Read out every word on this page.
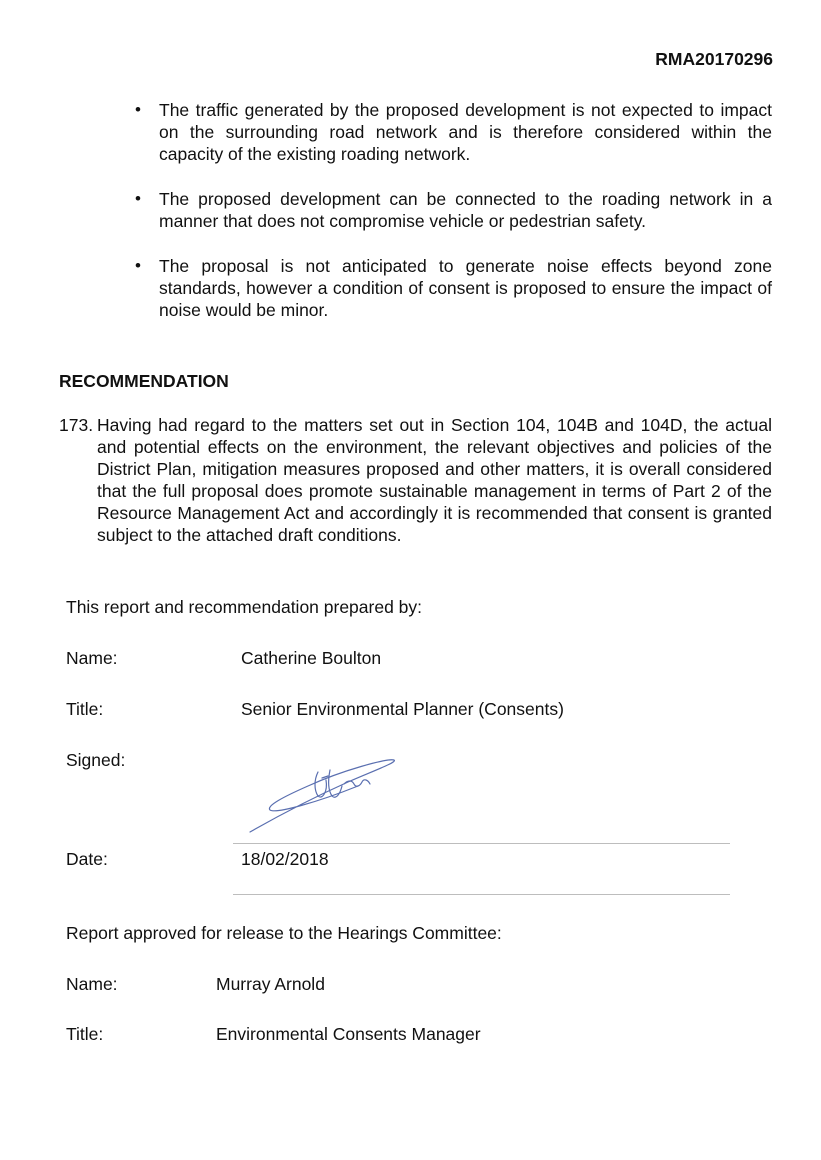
RMA20170296
• The traffic generated by the proposed development is not expected to impact on the surrounding road network and is therefore considered within the capacity of the existing roading network.
• The proposed development can be connected to the roading network in a manner that does not compromise vehicle or pedestrian safety.
• The proposal is not anticipated to generate noise effects beyond zone standards, however a condition of consent is proposed to ensure the impact of noise would be minor.
RECOMMENDATION
173. Having had regard to the matters set out in Section 104, 104B and 104D, the actual and potential effects on the environment, the relevant objectives and policies of the District Plan, mitigation measures proposed and other matters, it is overall considered that the full proposal does promote sustainable management in terms of Part 2 of the Resource Management Act and accordingly it is recommended that consent is granted subject to the attached draft conditions.
This report and recommendation prepared by:
Name:	Catherine Boulton
Title:	Senior Environmental Planner (Consents)
Signed:
Date:	18/02/2018
Report approved for release to the Hearings Committee:
Name:	Murray Arnold
Title:	Environmental Consents Manager
